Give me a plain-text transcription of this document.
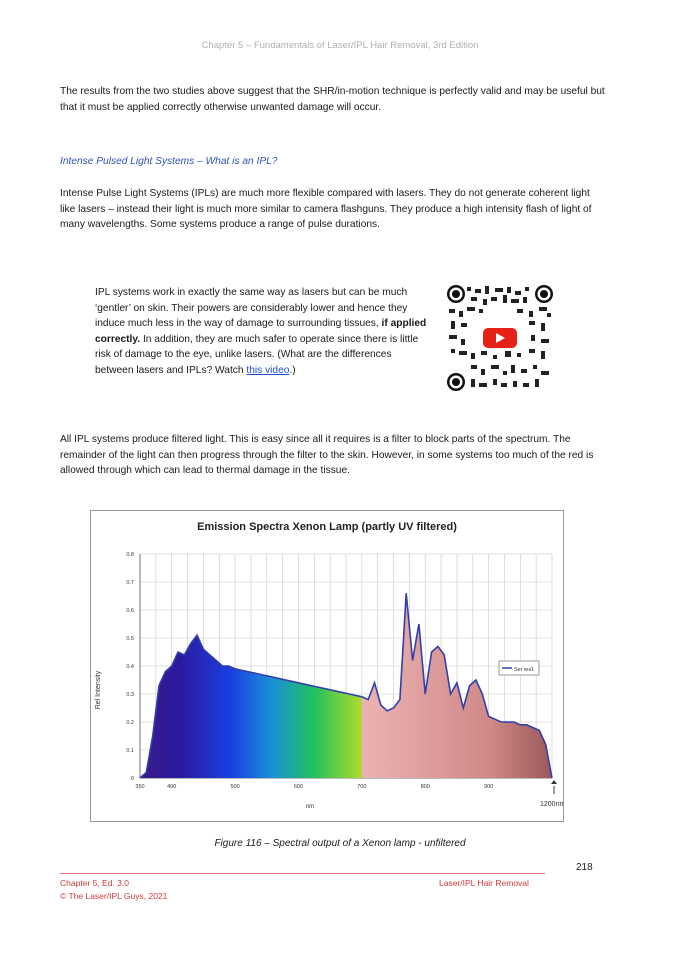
Chapter 5 – Fundamentals of Laser/IPL Hair Removal, 3rd Edition
The results from the two studies above suggest that the SHR/in-motion technique is perfectly valid and may be useful but that it must be applied correctly otherwise unwanted damage will occur.
Intense Pulsed Light Systems – What is an IPL?
Intense Pulse Light Systems (IPLs) are much more flexible compared with lasers. They do not generate coherent light like lasers – instead their light is much more similar to camera flashguns. They produce a high intensity flash of light of many wavelengths. Some systems produce a range of pulse durations.
IPL systems work in exactly the same way as lasers but can be much ‘gentler’ on skin. Their powers are considerably lower and hence they induce much less in the way of damage to surrounding tissues, if applied correctly. In addition, they are much safer to operate since there is little risk of damage to the eye, unlike lasers. (What are the differences between lasers and IPLs? Watch this video.)
All IPL systems produce filtered light. This is easy since all it requires is a filter to block parts of the spectrum. The remainder of the light can then progress through the filter to the skin. However, in some systems too much of the red is allowed through which can lead to thermal damage in the tissue.
Emission Spectra Xenon Lamp (partly UV filtered)
0
0.1
0.2
0.3
0.4
0.5
0.6
0.7
0.8
350	400	500	600	700	800	900
Rel Intensity
nm
Ser ies1
1200nm
Figure 116 – Spectral output of a Xenon lamp - unfiltered
218
Chapter 5, Ed. 3.0
© The Laser/IPL Guys, 2021
Laser/IPL Hair Removal
